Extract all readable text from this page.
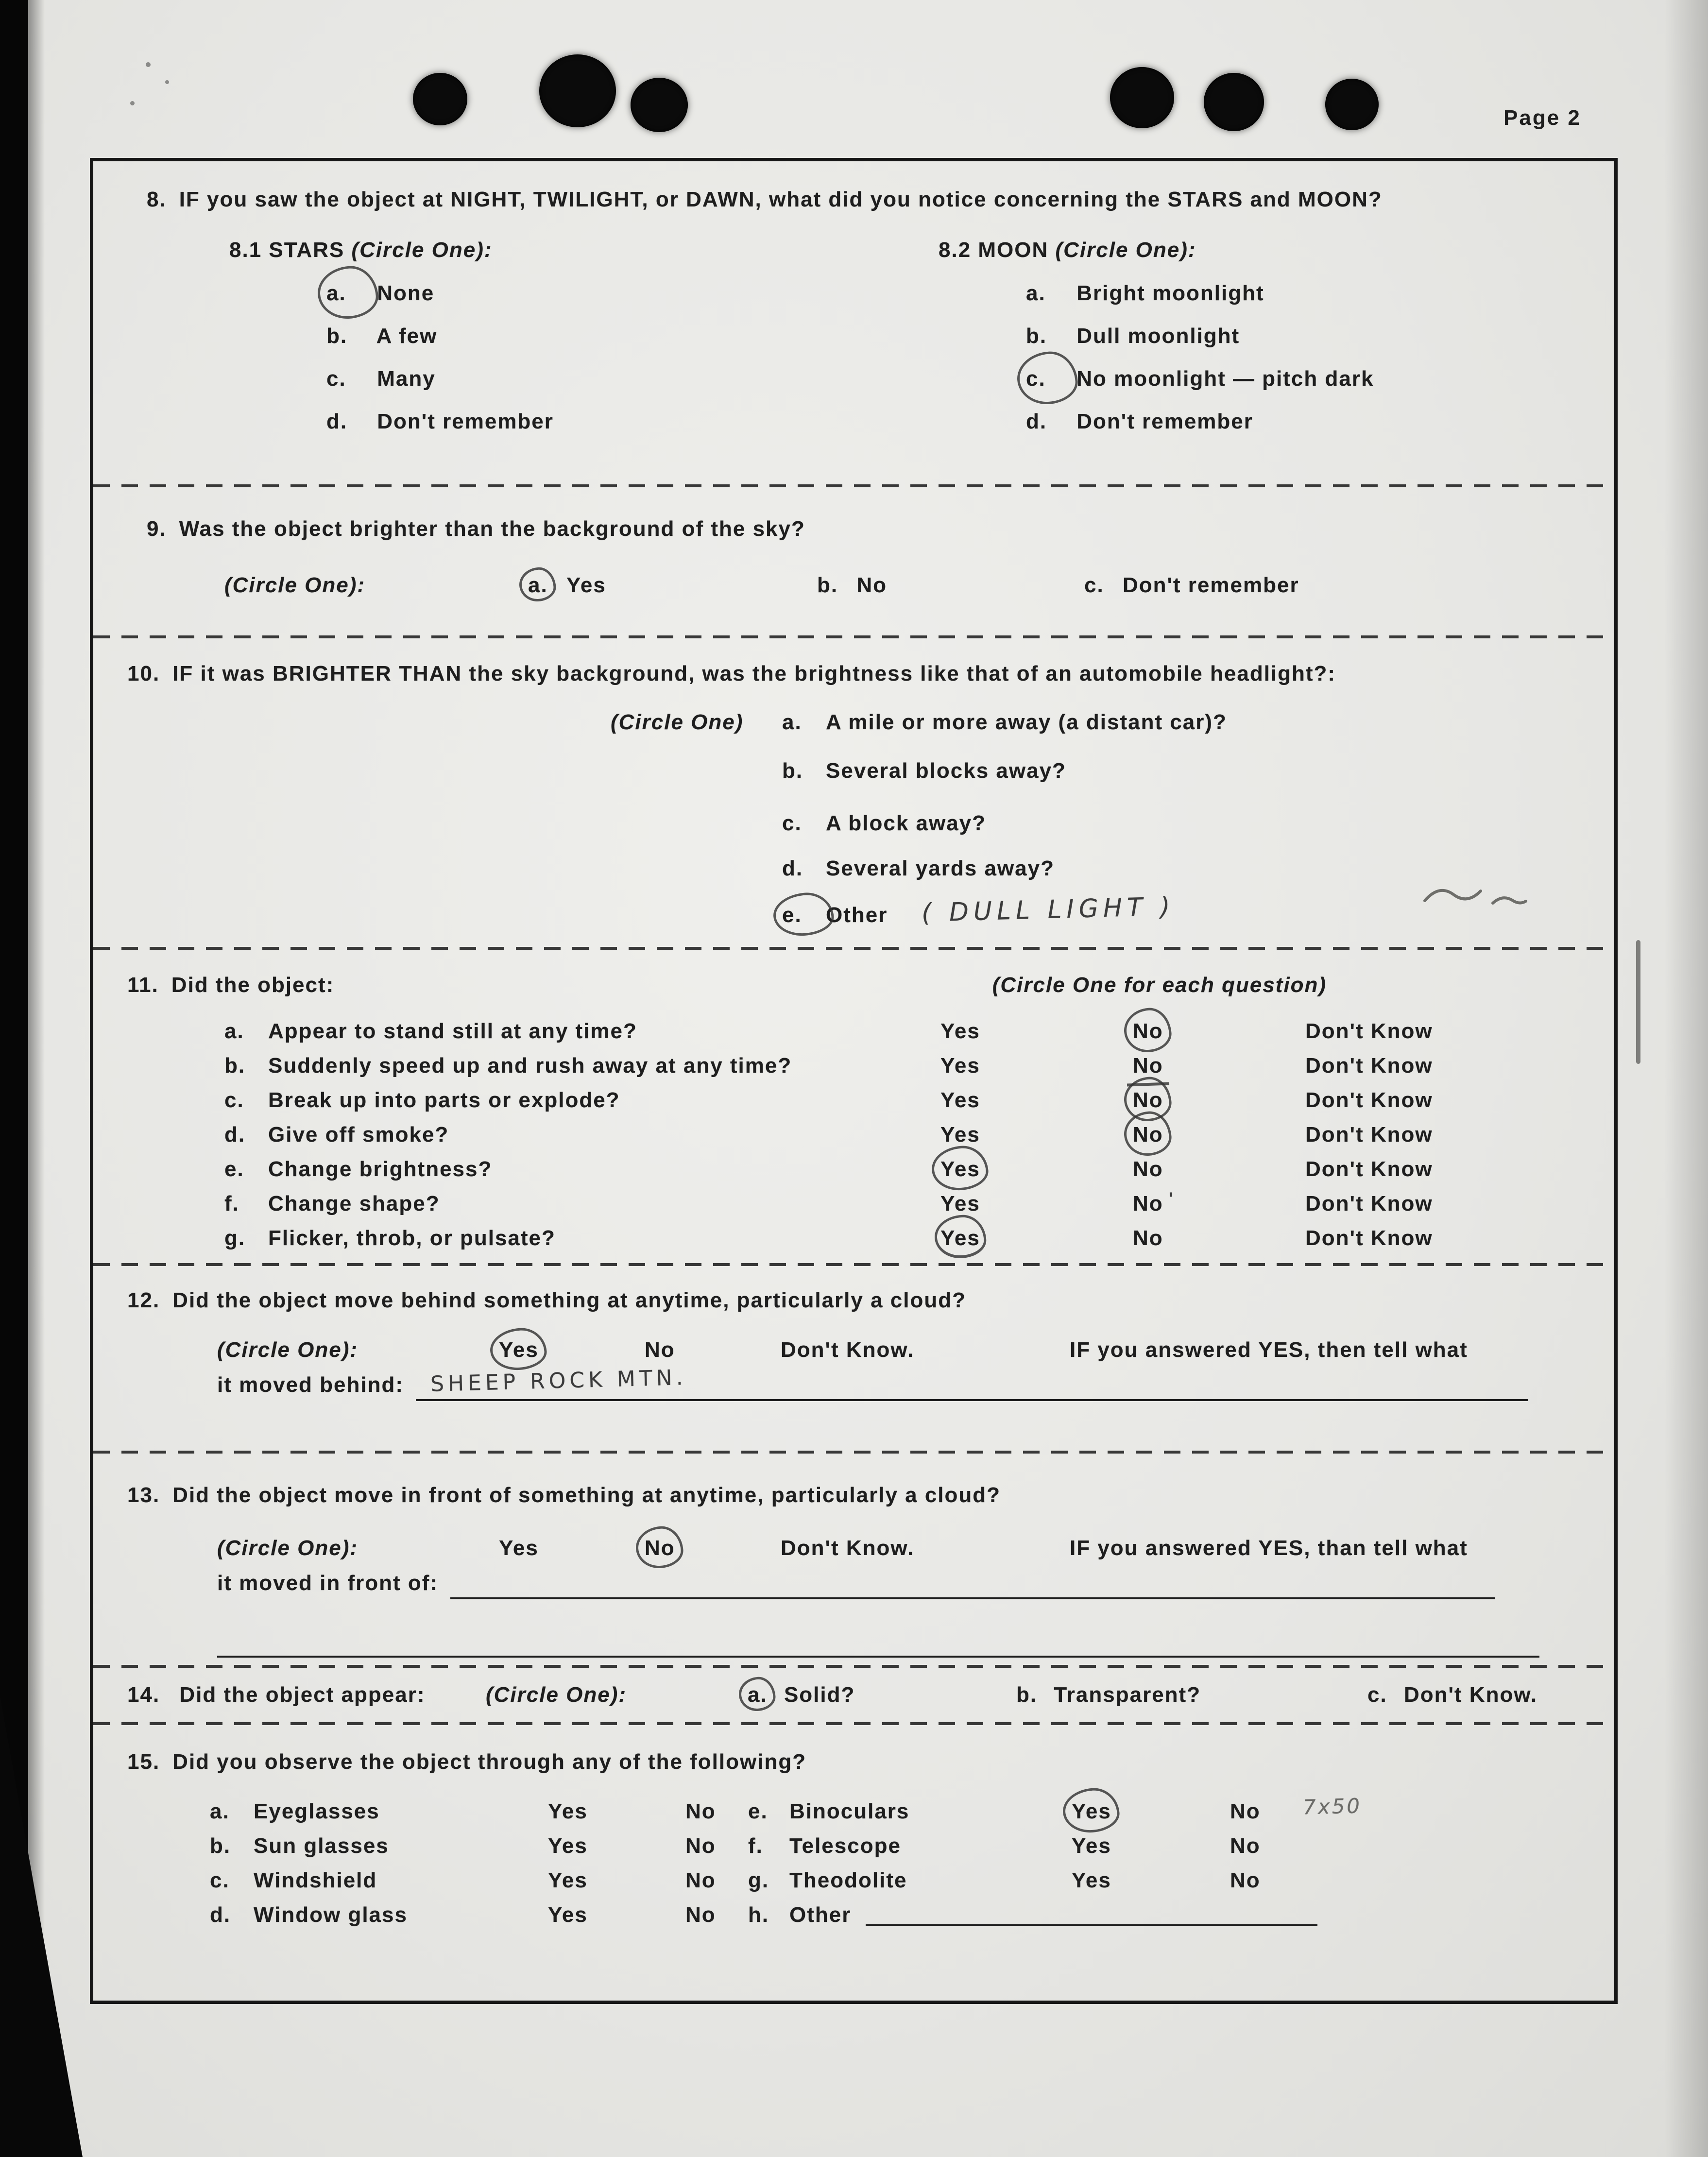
Page 2
8. IF you saw the object at NIGHT, TWILIGHT, or DAWN, what did you notice concerning the STARS and MOON?
8.1 STARS (Circle One):
a. None
b. A few
c. Many
d. Don't remember
8.2 MOON (Circle One):
a. Bright moonlight
b. Dull moonlight
c. No moonlight — pitch dark
d. Don't remember
9. Was the object brighter than the background of the sky?
(Circle One):	a. Yes	b. No	c. Don't remember
10. IF it was BRIGHTER THAN the sky background, was the brightness like that of an automobile headlight?:
(Circle One)	a.	A mile or more away (a distant car)?
b.	Several blocks away?
c.	A block away?
d.	Several yards away?
e.	Other ( DULL LIGHT )
11. Did the object:	(Circle One for each question)
a. Appear to stand still at any time?	Yes	No	Don't Know
b. Suddenly speed up and rush away at any time?	Yes	No	Don't Know
c. Break up into parts or explode?	Yes	No	Don't Know
d. Give off smoke?	Yes	No	Don't Know
e. Change brightness?	Yes	No	Don't Know
f. Change shape?	Yes	No '	Don't Know
g. Flicker, throb, or pulsate?	Yes	No	Don't Know
12. Did the object move behind something at anytime, particularly a cloud?
(Circle One):	Yes	No	Don't Know.	IF you answered YES, then tell what
it moved behind: SHEEP ROCK MTN.
13. Did the object move in front of something at anytime, particularly a cloud?
(Circle One):	Yes	No	Don't Know.	IF you answered YES, than tell what
it moved in front of:
14. Did the object appear:	(Circle One):	a. Solid?	b. Transparent?	c. Don't Know.
15. Did you observe the object through any of the following?
a.	Eyeglasses	Yes	No
b.	Sun glasses	Yes	No
c.	Windshield	Yes	No
d.	Window glass	Yes	No
e.	Binoculars	Yes	No	7x50
f.	Telescope	Yes	No
g. Theodolite	Yes	No
h. Other
